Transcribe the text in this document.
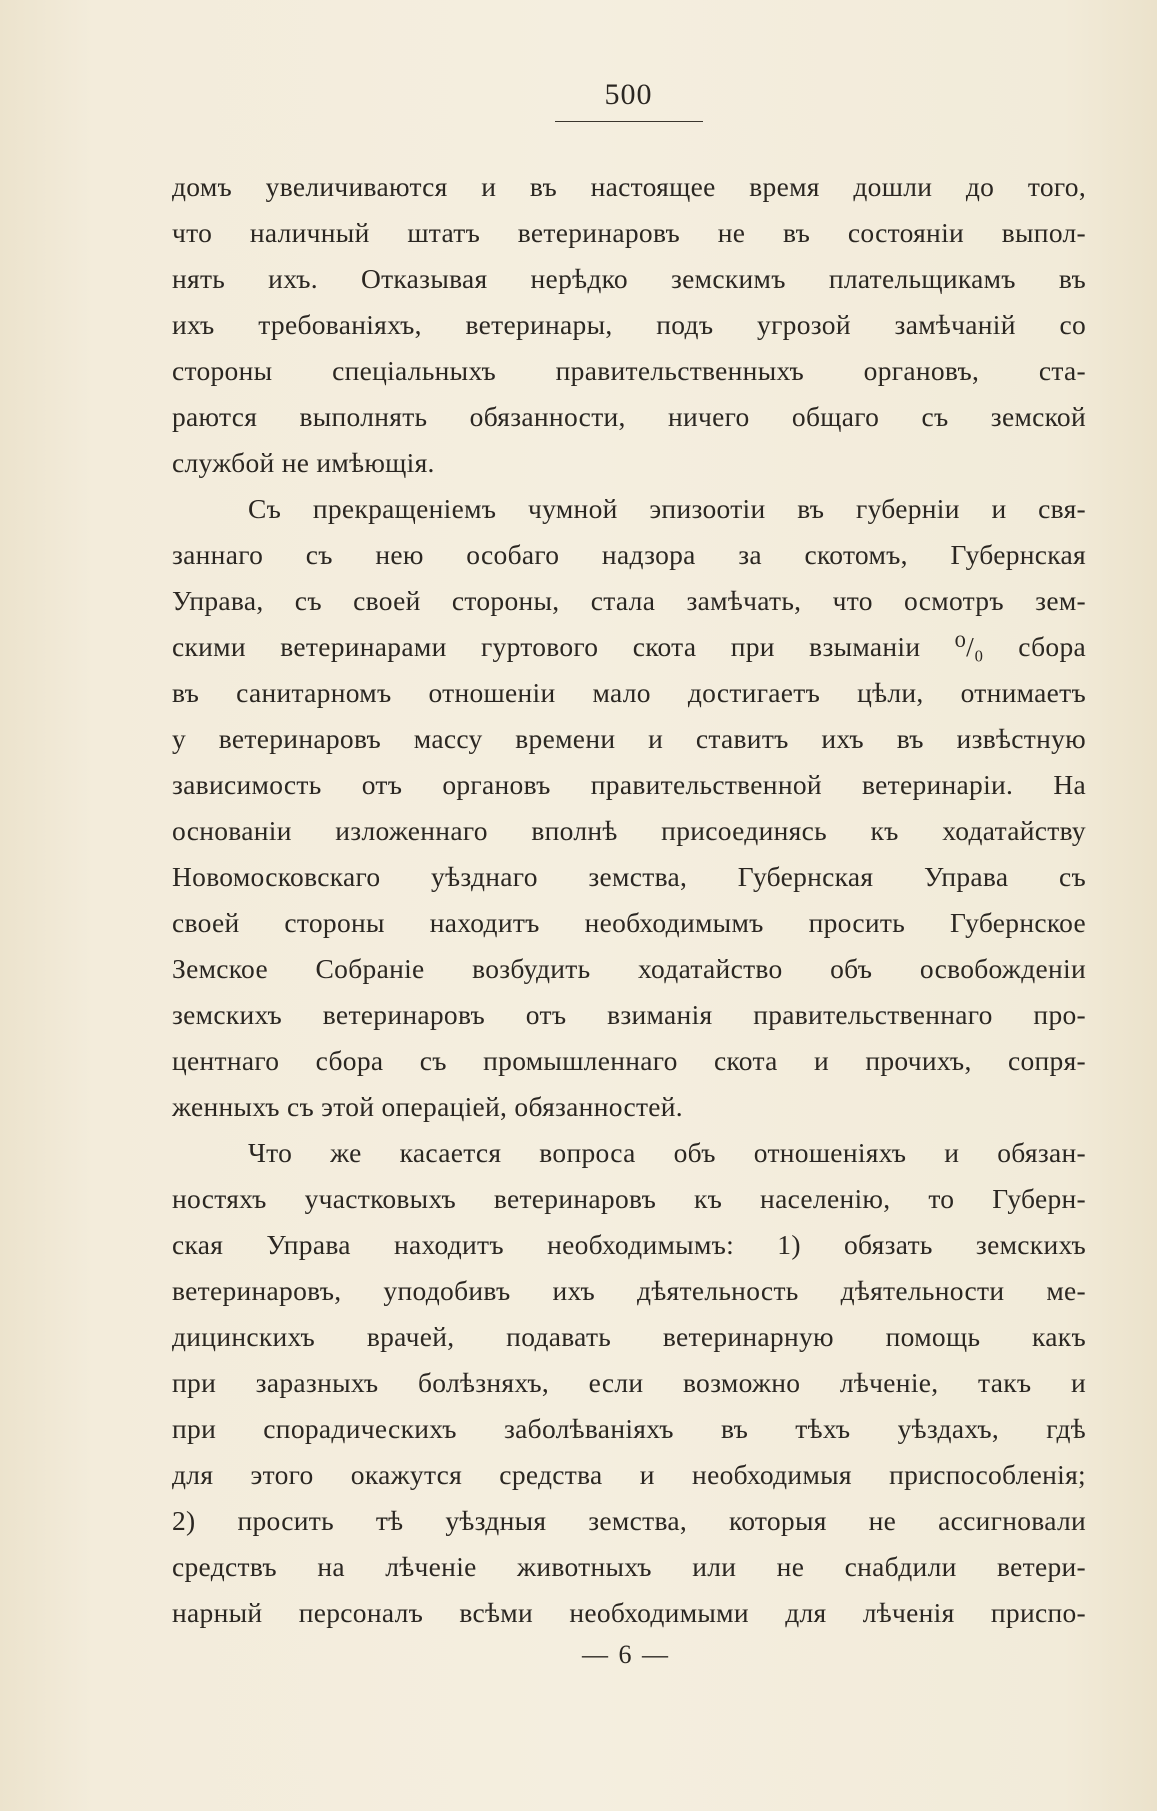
500
домъ увеличиваются и въ настоящее время дошли до того,
что наличный штатъ ветеринаровъ не въ состояніи выпол-
нять ихъ. Отказывая нерѣдко земскимъ плательщикамъ въ
ихъ требованіяхъ, ветеринары, подъ угрозой замѣчаній со
стороны спеціальныхъ правительственныхъ органовъ, ста-
раются выполнять обязанности, ничего общаго съ земской
службой не имѣющія.
Съ прекращеніемъ чумной эпизоотіи въ губерніи и свя-
заннаго съ нею особаго надзора за скотомъ, Губернская
Управа, съ своей стороны, стала замѣчать, что осмотръ зем-
скими ветеринарами гуртового скота при взыманіи ⁰/₀ сбора
въ санитарномъ отношеніи мало достигаетъ цѣли, отнимаетъ
у ветеринаровъ массу времени и ставитъ ихъ въ извѣстную
зависимость отъ органовъ правительственной ветеринаріи. На
основаніи изложеннаго вполнѣ присоединясь къ ходатайству
Новомосковскаго уѣзднаго земства, Губернская Управа съ
своей стороны находитъ необходимымъ просить Губернское
Земское Собраніе возбудить ходатайство объ освобожденіи
земскихъ ветеринаровъ отъ взиманія правительственнаго про-
центнаго сбора съ промышленнаго скота и прочихъ, сопря-
женныхъ съ этой операціей, обязанностей.
Что же касается вопроса объ отношеніяхъ и обязан-
ностяхъ участковыхъ ветеринаровъ къ населенію, то Губерн-
ская Управа находитъ необходимымъ: 1) обязать земскихъ
ветеринаровъ, уподобивъ ихъ дѣятельность дѣятельности ме-
дицинскихъ врачей, подавать ветеринарную помощь какъ
при заразныхъ болѣзняхъ, если возможно лѣченіе, такъ и
при спорадическихъ заболѣваніяхъ въ тѣхъ уѣздахъ, гдѣ
для этого окажутся средства и необходимыя приспособленія;
2) просить тѣ уѣздныя земства, которыя не ассигновали
средствъ на лѣченіе животныхъ или не снабдили ветери-
нарный персоналъ всѣми необходимыми для лѣченія приспо-
— 6 —
